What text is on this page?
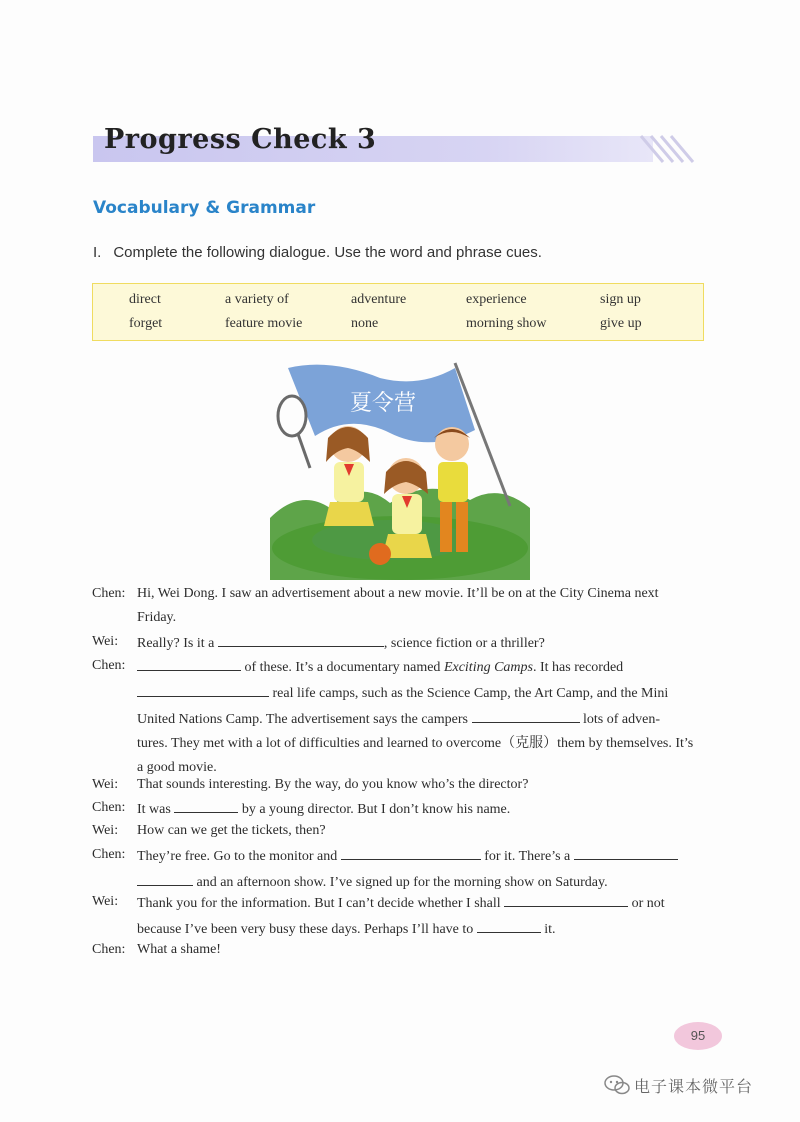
Progress Check 3
Vocabulary & Grammar
I. Complete the following dialogue. Use the word and phrase cues.
direct	a variety of	adventure	experience	sign up
forget	feature movie	none	morning show	give up
夏令营
Chen: Hi, Wei Dong. I saw an advertisement about a new movie. It’ll be on at the City Cinema next
Friday.
Wei:	Really? Is it a	, science fiction or a thriller?
Chen:	of these. It’s a documentary named Exciting Camps. It has recorded
real life camps, such as the Science Camp, the Art Camp, and the Mini
United Nations Camp. The advertisement says the campers	lots of adven-
tures. They met with a lot of difficulties and learned to overcome（克服）them by themselves. It’s
a good movie.
Wei:	That sounds interesting. By the way, do you know who’s the director?
Chen: It was	by a young director. But I don’t know his name.
Wei:	How can we get the tickets, then?
Chen: They’re free. Go to the monitor and	for it. There’s a
and an afternoon show. I’ve signed up for the morning show on Saturday.
Wei:	Thank you for the information. But I can’t decide whether I shall	or not
because I’ve been very busy these days. Perhaps I’ll have to	it.
Chen: What a shame!
95
电子课本微平台
